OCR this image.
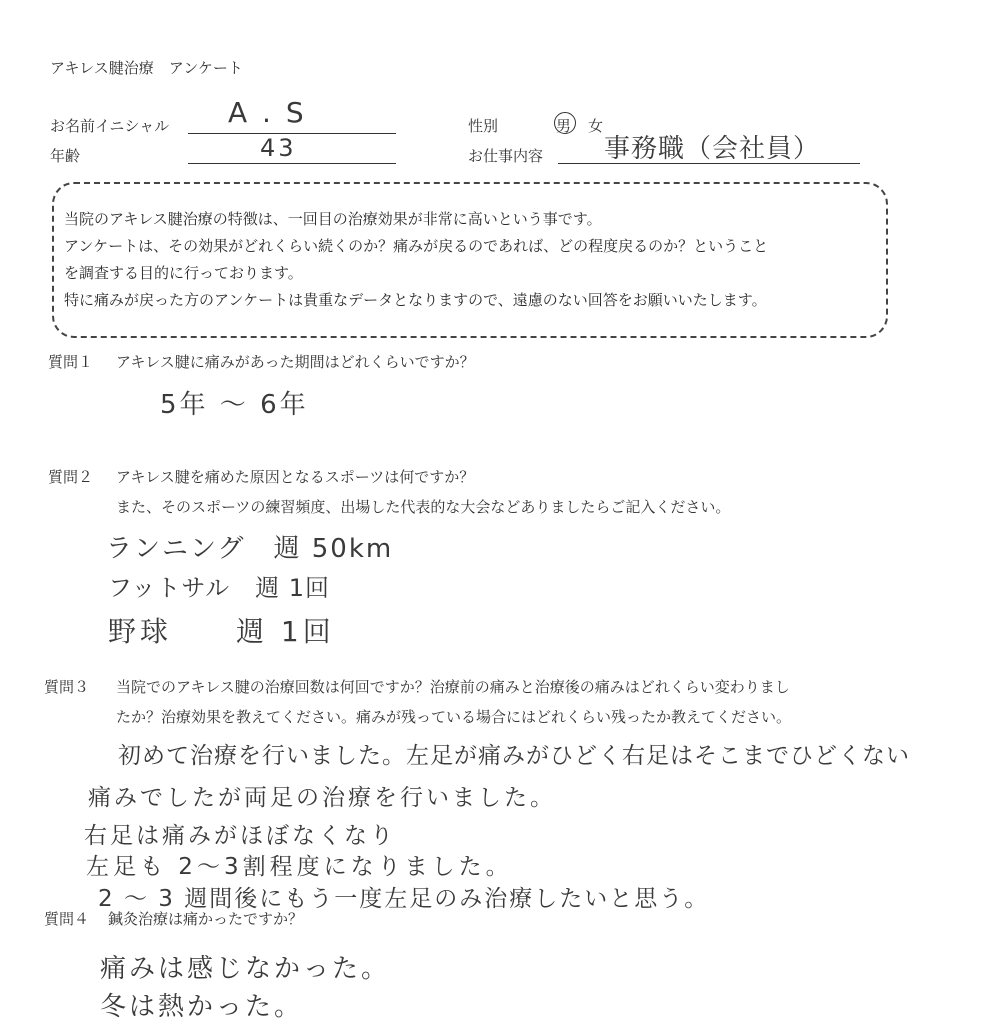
アキレス腱治療　アンケート
お名前イニシャル A . S
年齢	43
性別	男 女
お仕事内容 事務職（会社員）
当院のアキレス腱治療の特徴は、一回目の治療効果が非常に高いという事です。
アンケートは、その効果がどれくらい続くのか？痛みが戻るのであれば、どの程度戻るのか？ということ
を調査する目的に行っております。
特に痛みが戻った方のアンケートは貴重なデータとなりますので、遠慮のない回答をお願いいたします。
質問１ アキレス腱に痛みがあった期間はどれくらいですか？
5年 ～ 6年
質問２ アキレス腱を痛めた原因となるスポーツは何ですか？
また、そのスポーツの練習頻度、出場した代表的な大会などありましたらご記入ください。
ランニング　週 50km
フットサル　週 1回
野球　　週 1回
質問３ 当院でのアキレス腱の治療回数は何回ですか？治療前の痛みと治療後の痛みはどれくらい変わりまし
たか？治療効果を教えてください。痛みが残っている場合にはどれくらい残ったか教えてください。
初めて治療を行いました。左足が痛みがひどく右足はそこまでひどくない
痛みでしたが両足の治療を行いました。
右足は痛みがほぼなくなり
左足も 2～3割程度になりました。
2 ～ 3 週間後にもう一度左足のみ治療したいと思う。
質問４ 鍼灸治療は痛かったですか？
痛みは感じなかった。
冬は熱かった。
